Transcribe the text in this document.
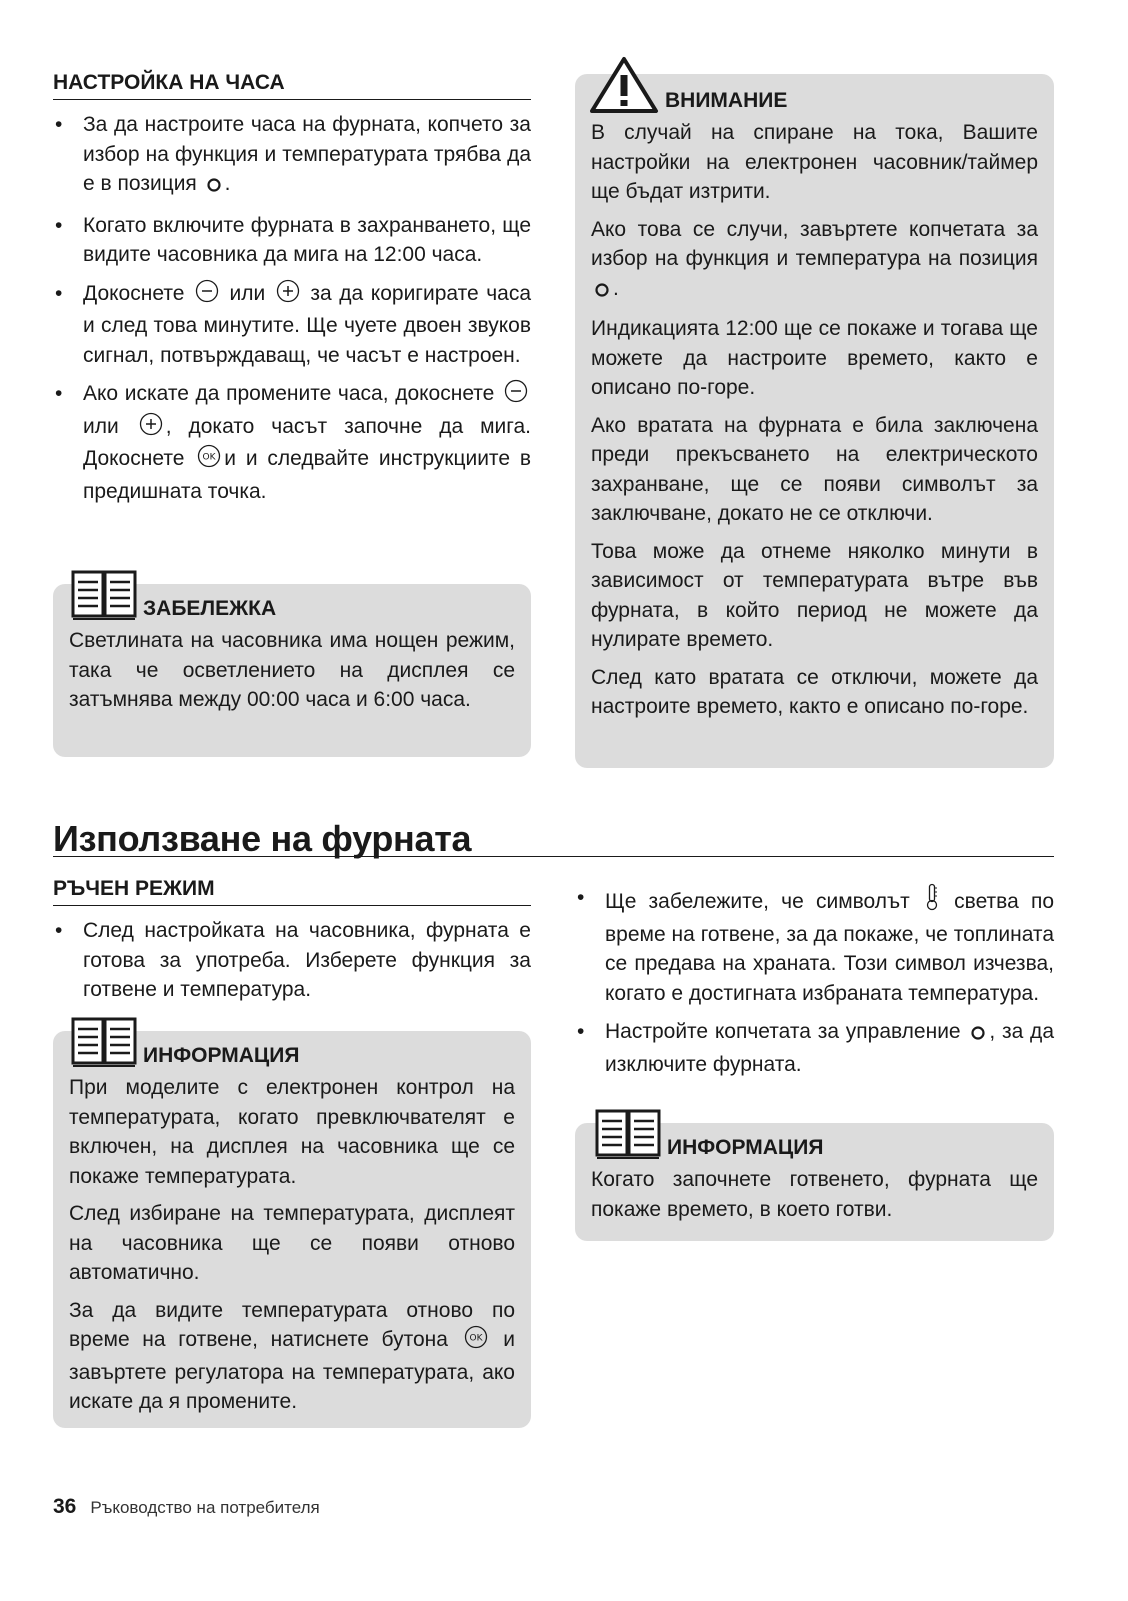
НАСТРОЙКА НА ЧАСА
• За да настроите часа на фурната, копчето за избор на функция и температурата трябва да е в позиция .
• Когато включите фурната в захранването, ще видите часовника да мига на 12:00 часа.
• Докоснете или за да коригирате часа и след това минутите. Ще чуете двоен звуков сигнал, потвърждаващ, че часът е настроен.
• Ако искате да промените часа, докоснете  или , докато часът започне да мига. Докоснете OK и и следвайте инструкциите в предишната точка.
ЗАБЕЛЕЖКА

Светлината на часовника има нощен режим, така че осветлението на дисплея се затъмнява между 00:00 часа и 6:00 часа.

ВНИМАНИЕ

В случай на спиране на тока, Вашите настройки на електронен часовник/таймер ще бъдат изтрити.

Ако това се случи, завъртете копчетата за избор на функция и температура на позиция .

Индикацията 12:00 ще се покаже и тогава ще можете да настроите времето, както е описано по-горе.

Ако вратата на фурната е била заключена преди прекъсването на електрическото захранване, ще се появи символът за заключване, докато не се отключи.

Това може да отнеме няколко минути в зависимост от температурата вътре във фурната, в който период не можете да нулирате времето.

След като вратата се отключи, можете да настроите времето, както е описано по-горе.

Използване на фурната
РЪЧЕН РЕЖИМ
• След настройката на часовника, фурната е готова за употреба. Изберете функция за готвене и температура.
ИНФОРМАЦИЯ

При моделите с електронен контрол на температурата, когато превключвателят е включен, на дисплея на часовника ще се покаже температурата.

След избиране на температурата, дисплеят на часовника ще се появи отново автоматично.

За да видите температурата отново по време на готвене, натиснете бутона OK и завъртете регулатора на температурата, ако искате да я промените.

• Ще забележите, че символът светва по време на готвене, за да покаже, че топлината се предава на храната. Този символ изчезва, когато е достигната избраната температура.
• Настройте копчетата за управление , за да изключите фурната.
ИНФОРМАЦИЯ

Когато започнете готвенето, фурната ще покаже времето, в което готви.

36 Ръководство на потребителя
